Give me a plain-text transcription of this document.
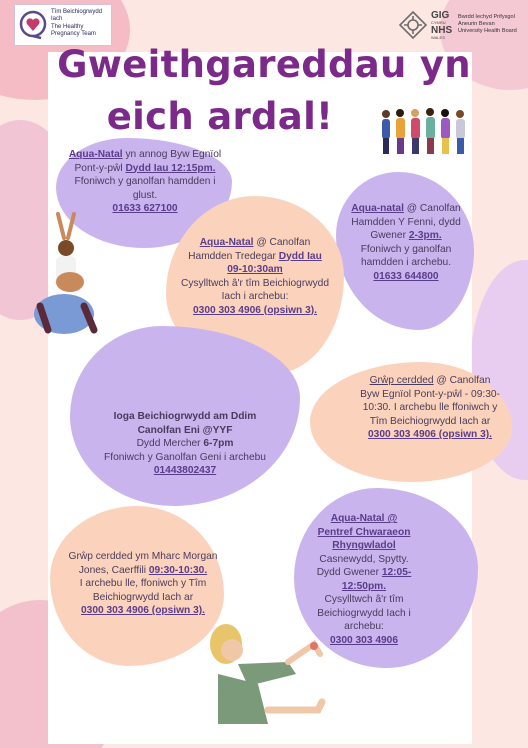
Tîm Beichiogrwydd
Iach
The Healthy
Pregnancy Team
GIG
CYMRU
NHS
WALES
Bwrdd Iechyd Prifysgol
Aneurin Bevan
University Health Board
Gweithgareddau yn
eich ardal!
Aqua-Natal yn annog Byw Egnïol Pont-y-pŵl Dydd Iau 12:15pm.
Ffoniwch y ganolfan hamdden i glust.
01633 627100	Aqua-natal @ Canolfan Hamdden Y Fenni, dydd Gwener 2-3pm.
Ffoniwch y ganolfan hamdden i archebu.
01633 644800
Aqua-Natal @ Canolfan Hamdden Tredegar Dydd Iau 09-10:30am
Cysylltwch â'r tîm Beichiogrwydd Iach i archebu:
0300 303 4906 (opsiwn 3).
Ioga Beichiogrwydd am Ddim Canolfan Eni @YYF
Dydd Mercher 6-7pm
Ffoniwch y Ganolfan Geni i archebu
01443802437
Grŵp cerdded @ Canolfan Byw Egnïol Pont-y-pŵl - 09:30-10:30. I archebu lle ffoniwch y Tîm Beichiogrwydd Iach ar 0300 303 4906 (opsiwn 3).
Grŵp cerdded ym Mharc Morgan Jones, Caerffili 09:30-10:30.
I archebu lle, ffoniwch y Tîm Beichiogrwydd Iach ar
0300 303 4906 (opsiwn 3).
Aqua-Natal @ Pentref Chwaraeon Rhyngwladol
Casnewydd, Spytty. Dydd Gwener 12:05-12:50pm.
Cysylltwch â'r tîm Beichiogrwydd Iach i archebu:
0300 303 4906
